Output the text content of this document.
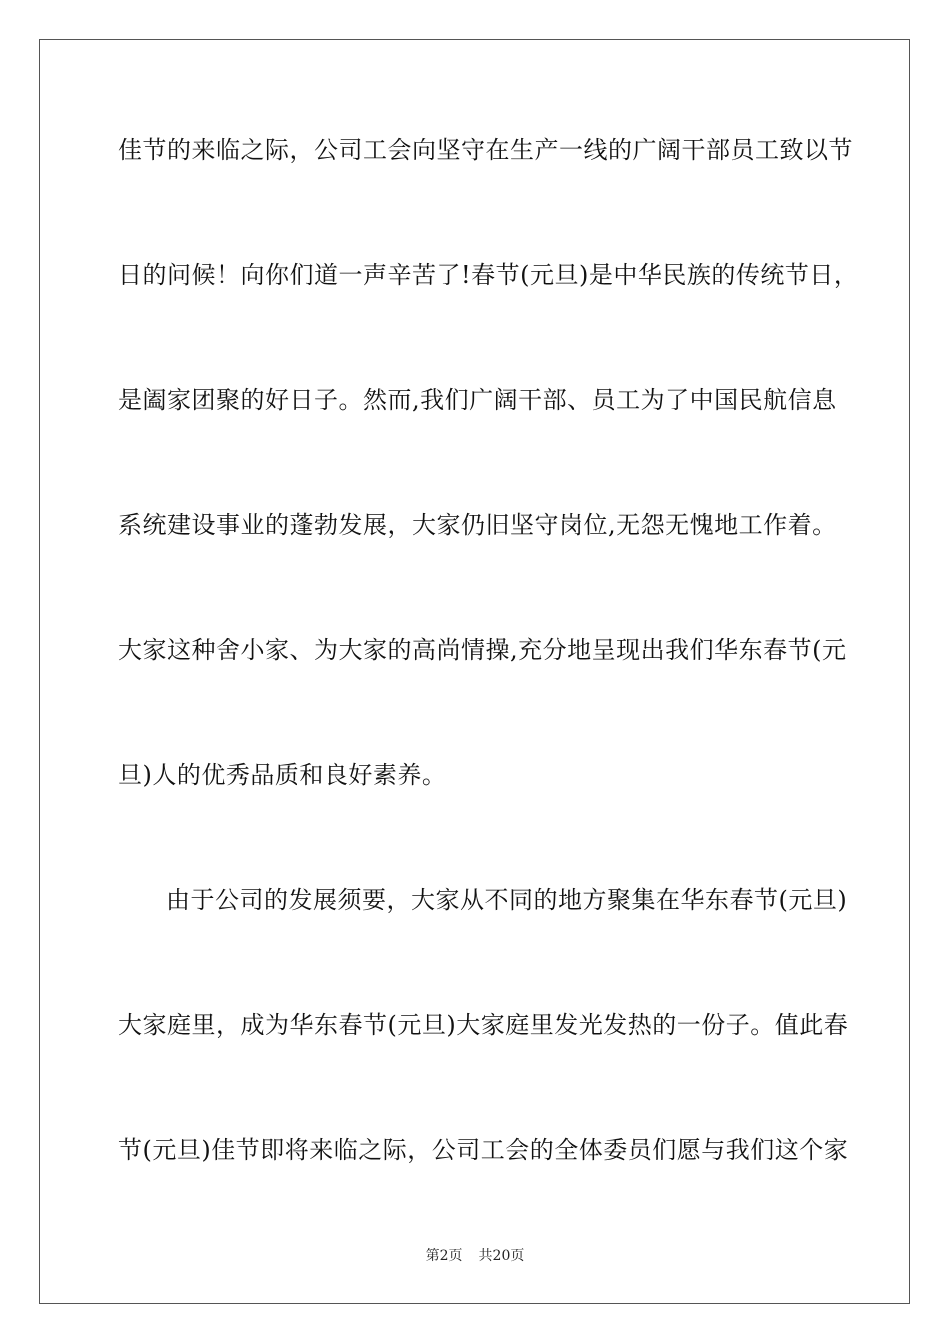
佳节的来临之际，公司工会向坚守在生产一线的广阔干部员工致以节
日的问候！向你们道一声辛苦了!春节(元旦)是中华民族的传统节日，
是阖家团聚的好日子。然而,我们广阔干部、员工为了中国民航信息
系统建设事业的蓬勃发展，大家仍旧坚守岗位,无怨无愧地工作着。
大家这种舍小家、为大家的高尚情操,充分地呈现出我们华东春节(元
旦)人的优秀品质和良好素养。
由于公司的发展须要，大家从不同的地方聚集在华东春节(元旦)
大家庭里，成为华东春节(元旦)大家庭里发光发热的一份子。值此春
节(元旦)佳节即将来临之际，公司工会的全体委员们愿与我们这个家
第2页 共20页
